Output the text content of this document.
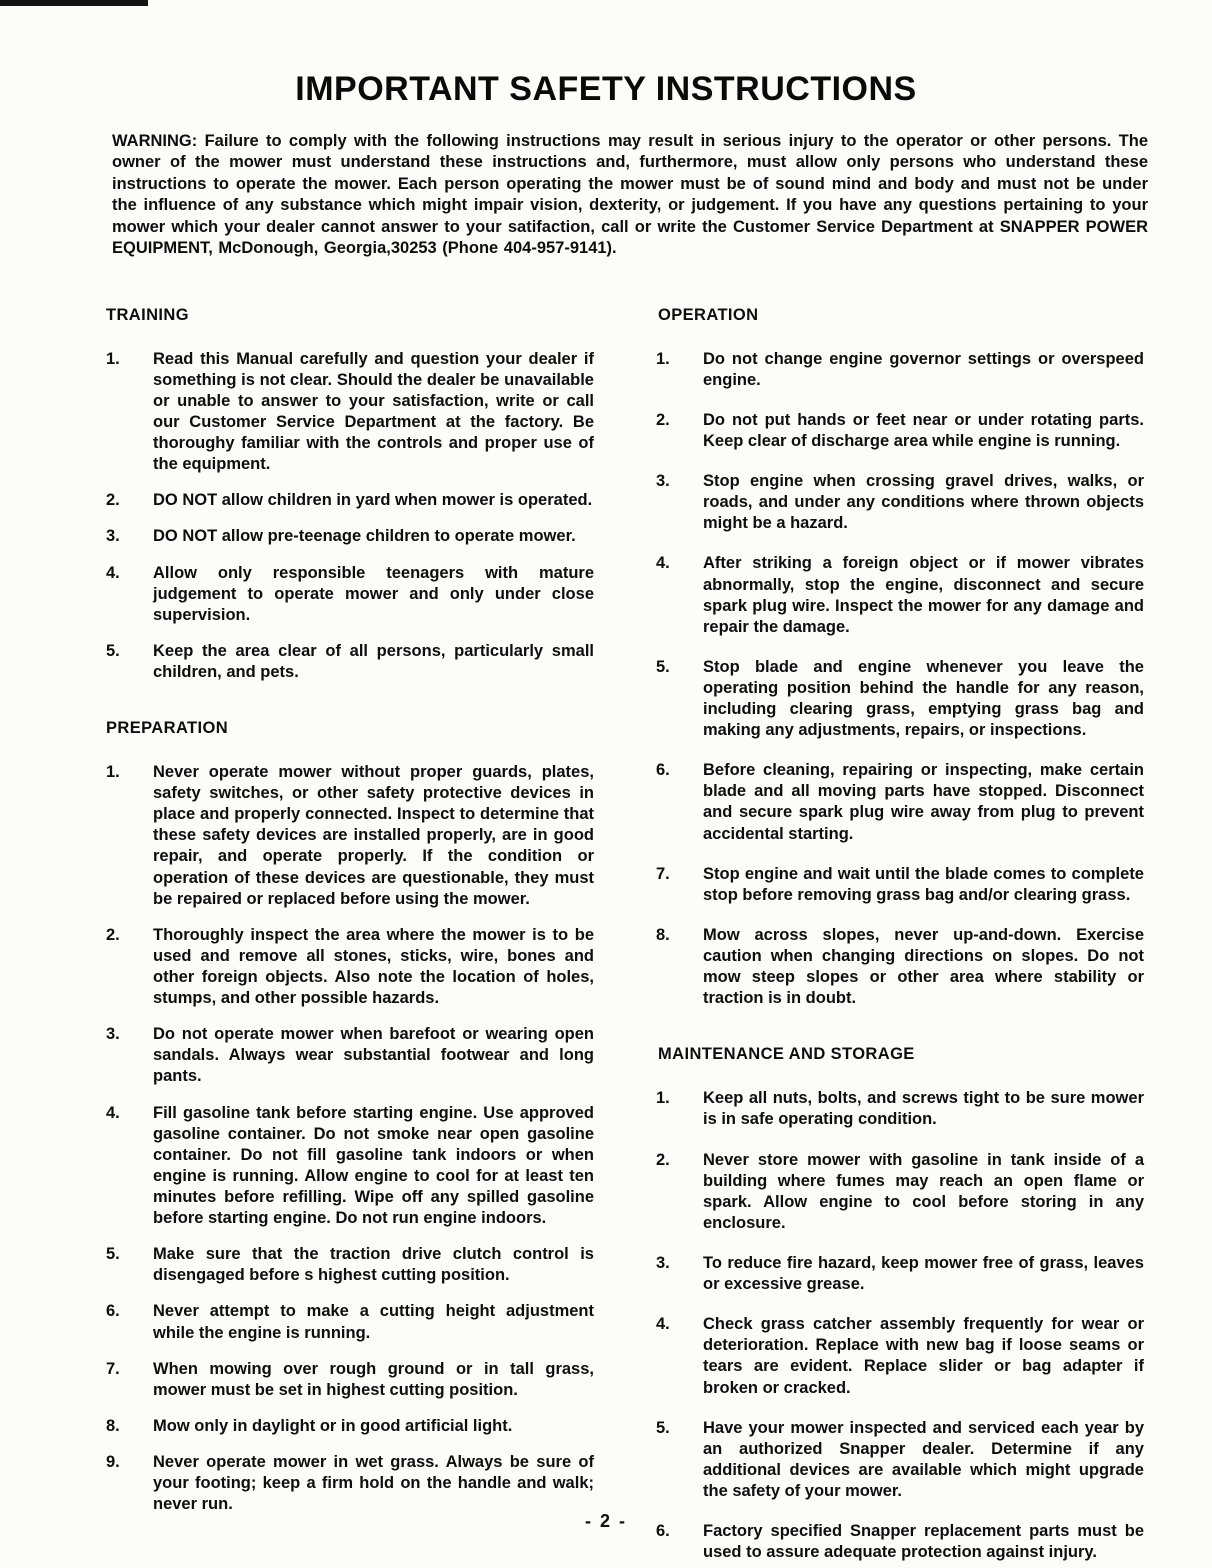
IMPORTANT SAFETY INSTRUCTIONS

WARNING: Failure to comply with the following instructions may result in serious injury to the operator or other persons. The owner of the mower must understand these instructions and, furthermore, must allow only persons who understand these instructions to operate the mower. Each person operating the mower must be of sound mind and body and must not be under the influence of any substance which might impair vision, dexterity, or judgement. If you have any questions pertaining to your mower which your dealer cannot answer to your satifaction, call or write the Customer Service Department at SNAPPER POWER EQUIPMENT, McDonough, Georgia,30253 (Phone 404-957-9141).

TRAINING
1.	Read this Manual carefully and question your dealer if something is not clear. Should the dealer be unavailable or unable to answer to your satisfaction, write or call our Customer Service Department at the factory. Be thoroughy familiar with the controls and proper use of the equipment.
2.	DO NOT allow children in yard when mower is operated.
3.	DO NOT allow pre-teenage children to operate mower.
4.	Allow only responsible teenagers with mature judgement to operate mower and only under close supervision.
5.	Keep the area clear of all persons, particularly small children, and pets.
PREPARATION
1.	Never operate mower without proper guards, plates, safety switches, or other safety protective devices in place and properly connected. Inspect to determine that these safety devices are installed properly, are in good repair, and operate properly. If the condition or operation of these devices are questionable, they must be repaired or replaced before using the mower.
2.	Thoroughly inspect the area where the mower is to be used and remove all stones, sticks, wire, bones and other foreign objects. Also note the location of holes, stumps, and other possible hazards.
3.	Do not operate mower when barefoot or wearing open sandals. Always wear substantial footwear and long pants.
4.	Fill gasoline tank before starting engine. Use approved gasoline container. Do not smoke near open gasoline container. Do not fill gasoline tank indoors or when engine is running. Allow engine to cool for at least ten minutes before refilling. Wipe off any spilled gasoline before starting engine. Do not run engine indoors.
5.	Make sure that the traction drive clutch control is disengaged before s highest cutting position.
6.	Never attempt to make a cutting height adjustment while the engine is running.
7.	When mowing over rough ground or in tall grass, mower must be set in highest cutting position.
8.	Mow only in daylight or in good artificial light.
9.	Never operate mower in wet grass. Always be sure of your footing; keep a firm hold on the handle and walk; never run.
OPERATION
1.	Do not change engine governor settings or overspeed engine.
2.	Do not put hands or feet near or under rotating parts. Keep clear of discharge area while engine is running.
3.	Stop engine when crossing gravel drives, walks, or roads, and under any conditions where thrown objects might be a hazard.
4.	After striking a foreign object or if mower vibrates abnormally, stop the engine, disconnect and secure spark plug wire. Inspect the mower for any damage and repair the damage.
5.	Stop blade and engine whenever you leave the operating position behind the handle for any reason, including clearing grass, emptying grass bag and making any adjustments, repairs, or inspections.
6.	Before cleaning, repairing or inspecting, make certain blade and all moving parts have stopped. Disconnect and secure spark plug wire away from plug to prevent accidental starting.
7.	Stop engine and wait until the blade comes to complete stop before removing grass bag and/or clearing grass.
8.	Mow across slopes, never up-and-down. Exercise caution when changing directions on slopes. Do not mow steep slopes or other area where stability or traction is in doubt.
MAINTENANCE AND STORAGE
1.	Keep all nuts, bolts, and screws tight to be sure mower is in safe operating condition.
2.	Never store mower with gasoline in tank inside of a building where fumes may reach an open flame or spark. Allow engine to cool before storing in any enclosure.
3.	To reduce fire hazard, keep mower free of grass, leaves or excessive grease.
4.	Check grass catcher assembly frequently for wear or deterioration. Replace with new bag if loose seams or tears are evident. Replace slider or bag adapter if broken or cracked.
5.	Have your mower inspected and serviced each year by an authorized Snapper dealer. Determine if any additional devices are available which might upgrade the safety of your mower.
6.	Factory specified Snapper replacement parts must be used to assure adequate protection against injury.
- 2 -
